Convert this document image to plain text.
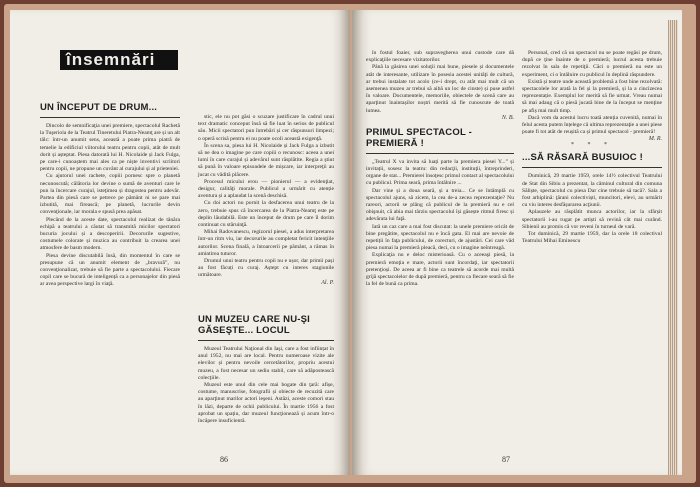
însemnări
UN ÎNCEPUT DE DRUM...

Dincolo de semnificaţia unei premiere, spectacolul Rachetă la Tuşeriola de la Teatrul Tineretului Piatra-Neamţ are și un alt tâlc: într-un anumit sens, această a poate prima piatră de temelie la edificiul viitorului teatru pentru copii, atât de mult dorit și așteptat. Piesa datorată lui H. Nicolaide și Jack Fulga, pe care-i cunoaștem mai ales ca pe niște inventivi scriitori pentru copii, ne propune un cuvânt al curajului și al prieteniei.

Cu ajutorul unei rachete, copiii pornesc spre o planetă necunoscută; călătoria lor devine o sumă de aventuri care le pun la încercare curajul, isteţimea și dragostea pentru adevăr. Partea din piesă care se petrece pe pământ ni se pare mai izbutită, mai firească; pe planetă, lucrurile devin convenţionale, iar morala e spusă prea apăsat.

Plecând de la aceste date, spectacolul realizat de tânăra echipă a teatrului a căutat să transmită micilor spectatori bucuria jocului și a descoperirii. Decorurile sugestive, costumele colorate și muzica au contribuit la crearea unei atmosfere de basm modern.

Piesa devine discutabilă însă, din momentul în care se presupune că un anumit element de „bravură”, nu convenţionalizat, trebuie să fie parte a spectacolului. Fiecare copil care se bucură de inteligență ca a personajelor din piesă ar avea perspective largi în viaţă.

stic, ele nu pot găsi o scuzare justificare în cadrul unui text dramatic conceput însă să fie luat în serios de publicul său. Micii spectatori pun întrebări și cer răspunsuri limpezi; o operă scrisă pentru ei nu poate ocoli această exigenţă.

În scena sa, piesa lui H. Nicolaide și Jack Fulga a izbutit să ne dea o imagine pe care copiii o recunosc: aceea a unei lumi în care curajul și adevărul sunt răsplătite. Regia a ştiut să pună în valoare episoadele de mișcare, iar interpreţii au jucat cu vădită plăcere.

Procesul micului erou — pionierul — a evidenţiat, desigur, calităţi morale. Publicul a urmărit cu atenție aventura și a aplaudat la scenă deschisă.

Cu doi actori nu pornit la desfacerea unui teatru de la zero, trebuie spus că încercarea de la Piatra-Neamţ este pe deplin lăudabilă. Este un început de drum pe care îl dorim continuat cu stăruinţă.

Mihai Radovanescu, regizorul piesei, a adus interpretarea într-un ritm viu, iar decorurile au completat fericit intenţiile autorilor. Scena finală, a întoarcerii pe pământ, a rămas în amintirea tuturor.

Drumul unui teatru pentru copii nu e ușor, dar primii pași au fost făcuți cu curaj. Aștept cu interes stagiunile următoare.

Al. P.
UN MUZEU CARE NU-ŞI GĂSEŞTE... LOCUL

Muzeul Teatrului Naţional din Iaşi, care a fost inființat în anul 1952, nu mai are local. Pentru numeroase vizite ale elevilor și pentru nevoile cercetătorilor, propriu acestui muzeu, a fost necesar un sediu stabil, care să adăpostească colecţiile.

Muzeul este unul din cele mai bogate din ţară: afișe, costume, manuscrise, fotografii și obiecte de recuzită care au aparţinut marilor actori ieşeni. Astăzi, aceste comori stau în lăzi, departe de ochii publicului. În martie 1956 a fost aprobat un spațiu, dar muzeul funcţionează și acum într-o încăpere insuficientă.

86

în fostul foaier, sub supravegherea unui custode care dă explicaţiile necesare vizitatorilor.

Până la găsirea unei soluţii mai bune, piesele și documentele atât de interesante, utilizare în posesia acestei unităţi de cultură, ar trebui instalate tot acolo (ce-i drept, cu atât mai mult că un asemenea muzeu ar trebui să aibă un loc de cinste) și puse astfel în valoare. Documentele, memoriile, obiectele de scenă care au aparţinut înaintașilor noștri merită să fie cunoscute de toată lumea.

N. B.
PRIMUL SPECTACOL - PREMIERĂ !

„Teatrul X va invita să luați parte la premiera piesei Y...” și invitații, sosesc la teatru: din redacţii, instituţii, întreprinderi, organe de stat... Premierei însoţesc primul contact al spectacolului cu publicul. Prima seară, prima întâlnire ...

Dar vine și a doua seară, și a treia... Ce se întâmplă cu spectacolul ajuns, să zicem, la cea de-a zecea reprezentaţie? Nu rareori, actorii se plâng că publicul de la premieră nu e cel obişnuit, că abia mai târziu spectacolul își găsește ritmul firesc și adevărata lui faţă.

Iată un caz care a mai fost discutat: la unele premiere oricât de bine pregătite, spectacolul nu e încă gata. El mai are nevoie de repetiții în faţa publicului, de corecturi, de ajustări. Cei care văd piesa numai la premieră pleacă, deci, cu o imagine neîntreagă.

Explicaţia nu e deloc misterioasă. Cu o aceeaşi piesă, la premieră emoţia e mare, actorii sunt încordaţi, iar spectatorii pretenţioși. De aceea ar fi bine ca teatrele să acorde mai multă grijă spectacolelor de după premieră, pentru ca fiecare seară să fie la fel de bună ca prima.

Personal, cred că un spectacol nu se poate regăsi pe drum, după ce ţine înainte de o premieră; lucrul acesta trebuie rezolvat în sala de repetiţii. Căci o premieră nu este un experiment, ci o întâlnire cu publicul în deplină răspundere.

Există și teatre unde această problemă a fost bine rezolvată: spectacolele lor arată la fel și la premieră, și la a cincizecea reprezentație. Exemplul lor merită să fie urmat. Vreau numai să mai adaug că o piesă jucată bine de la început se menţine pe afiș mai mult timp.

Dacă vom da acestui lucru toată atenția cuvenită, numai în felul acesta putem înțelege că ultima reprezentaţie a unei piese poate fi tot atât de reușită ca și primul spectacol - premieră!

M. R.
* * *
...SĂ RĂSARĂ BUSUIOC !

Duminică, 29 martie 1959, orele 14½ colectivul Teatrului de Stat din Sibiu a prezentat, la căminul cultural din comuna Săliște, spectacolul cu piesa Dar cine trebuie să tacă?. Sala a fost arhiplină: ţărani colectiviști, muncitori, elevi, au urmărit cu viu interes desfășurarea acţiunii.

Aplauzele au răsplătit munca actorilor, iar la sfârșit spectatorii i-au rugat pe artiști să revină cât mai curând. Sibienii au promis că vor reveni în turneul de vară.

Tot duminică, 29 martie 1959, dar la orele 18 colectivul Teatrului Mihai Eminescu

87
